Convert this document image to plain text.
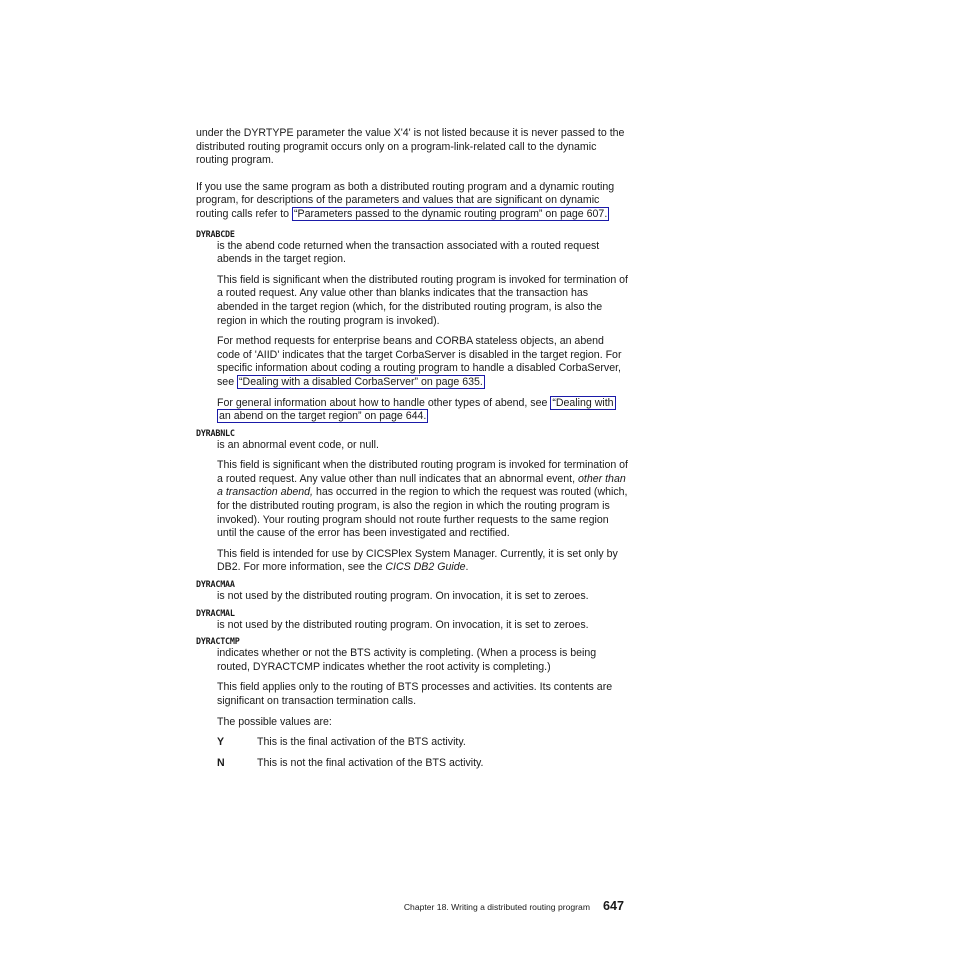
under the DYRTYPE parameter the value X'4' is not listed because it is never passed to the distributed routing programit occurs only on a program-link-related call to the dynamic routing program.

If you use the same program as both a distributed routing program and a dynamic routing program, for descriptions of the parameters and values that are significant on dynamic routing calls refer to “Parameters passed to the dynamic routing program” on page 607.

DYRABCDE

is the abend code returned when the transaction associated with a routed request abends in the target region.

This field is significant when the distributed routing program is invoked for termination of a routed request. Any value other than blanks indicates that the transaction has abended in the target region (which, for the distributed routing program, is also the region in which the routing program is invoked).

For method requests for enterprise beans and CORBA stateless objects, an abend code of 'AIID' indicates that the target CorbaServer is disabled in the target region. For specific information about coding a routing program to handle a disabled CorbaServer, see “Dealing with a disabled CorbaServer” on page 635.

For general information about how to handle other types of abend, see “Dealing with an abend on the target region” on page 644.

DYRABNLC

is an abnormal event code, or null.

This field is significant when the distributed routing program is invoked for termination of a routed request. Any value other than null indicates that an abnormal event, other than a transaction abend, has occurred in the region to which the request was routed (which, for the distributed routing program, is also the region in which the routing program is invoked). Your routing program should not route further requests to the same region until the cause of the error has been investigated and rectified.

This field is intended for use by CICSPlex System Manager. Currently, it is set only by DB2. For more information, see the CICS DB2 Guide.

DYRACMAA

is not used by the distributed routing program. On invocation, it is set to zeroes.

DYRACMAL

is not used by the distributed routing program. On invocation, it is set to zeroes.

DYRACTCMP

indicates whether or not the BTS activity is completing. (When a process is being routed, DYRACTCMP indicates whether the root activity is completing.)

This field applies only to the routing of BTS processes and activities. Its contents are significant on transaction termination calls.

The possible values are:

Y	This is the final activation of the BTS activity.
N	This is not the final activation of the BTS activity.
Chapter 18. Writing a distributed routing program 647
